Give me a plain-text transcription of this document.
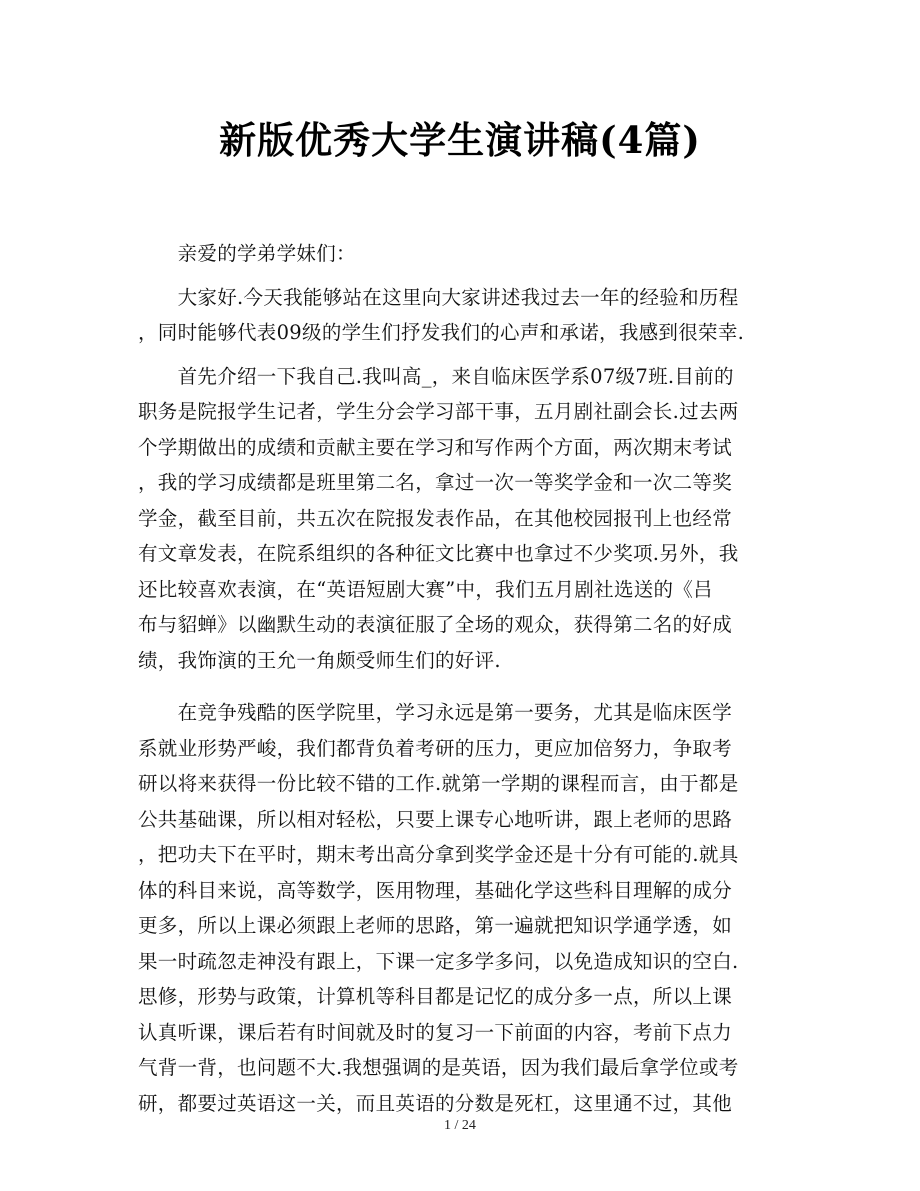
新版优秀大学生演讲稿(4篇)
　　亲爱的学弟学妹们：
　　大家好.今天我能够站在这里向大家讲述我过去一年的经验和历程
，同时能够代表09级的学生们抒发我们的心声和承诺，我感到很荣幸.
　　首先介绍一下我自己.我叫高_，来自临床医学系07级7班.目前的
职务是院报学生记者，学生分会学习部干事，五月剧社副会长.过去两
个学期做出的成绩和贡献主要在学习和写作两个方面，两次期末考试
，我的学习成绩都是班里第二名，拿过一次一等奖学金和一次二等奖
学金，截至目前，共五次在院报发表作品，在其他校园报刊上也经常
有文章发表，在院系组织的各种征文比赛中也拿过不少奖项.另外，我
还比较喜欢表演，在“英语短剧大赛”中，我们五月剧社选送的《吕
布与貂蝉》以幽默生动的表演征服了全场的观众，获得第二名的好成
绩，我饰演的王允一角颇受师生们的好评.
　　在竞争残酷的医学院里，学习永远是第一要务，尤其是临床医学
系就业形势严峻，我们都背负着考研的压力，更应加倍努力，争取考
研以将来获得一份比较不错的工作.就第一学期的课程而言，由于都是
公共基础课，所以相对轻松，只要上课专心地听讲，跟上老师的思路
，把功夫下在平时，期末考出高分拿到奖学金还是十分有可能的.就具
体的科目来说，高等数学，医用物理，基础化学这些科目理解的成分
更多，所以上课必须跟上老师的思路，第一遍就把知识学通学透，如
果一时疏忽走神没有跟上，下课一定多学多问，以免造成知识的空白.
思修，形势与政策，计算机等科目都是记忆的成分多一点，所以上课
认真听课，课后若有时间就及时的复习一下前面的内容，考前下点力
气背一背，也问题不大.我想强调的是英语，因为我们最后拿学位或考
研，都要过英语这一关，而且英语的分数是死杠，这里通不过，其他
1 / 24
